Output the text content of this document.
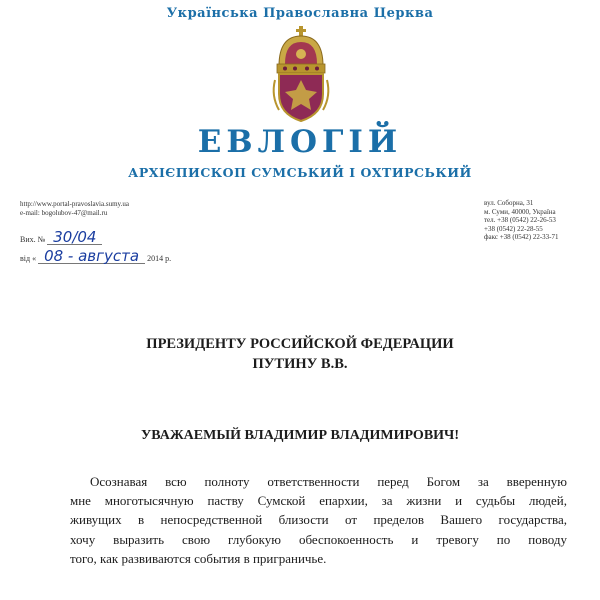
Українська Православна Церква
ЕВЛОГІЙ
АРХІЄПИСКОП СУМСЬКИЙ І ОХТИРСЬКИЙ
http://www.portal-pravoslavia.sumy.ua
e-mail: bogolubov-47@mail.ru
вул. Соборна, 31
м. Суми, 40000, Україна
тел. +38 (0542) 22-26-53
+38 (0542) 22-28-55
факс +38 (0542) 22-33-71
Вих. № 30/04
від « 08 - августа 2014 р.
ПРЕЗИДЕНТУ РОССИЙСКОЙ ФЕДЕРАЦИИ
ПУТИНУ В.В.
УВАЖАЕМЫЙ ВЛАДИМИР ВЛАДИМИРОВИЧ!
Осознавая всю полноту ответственности перед Богом за вверенную
мне многотысячную паству Сумской епархии, за жизни и судьбы людей,
живущих в непосредственной близости от пределов Вашего государства,
хочу выразить свою глубокую обеспокоенность и тревогу по поводу
того, как развиваются события в приграничье.
